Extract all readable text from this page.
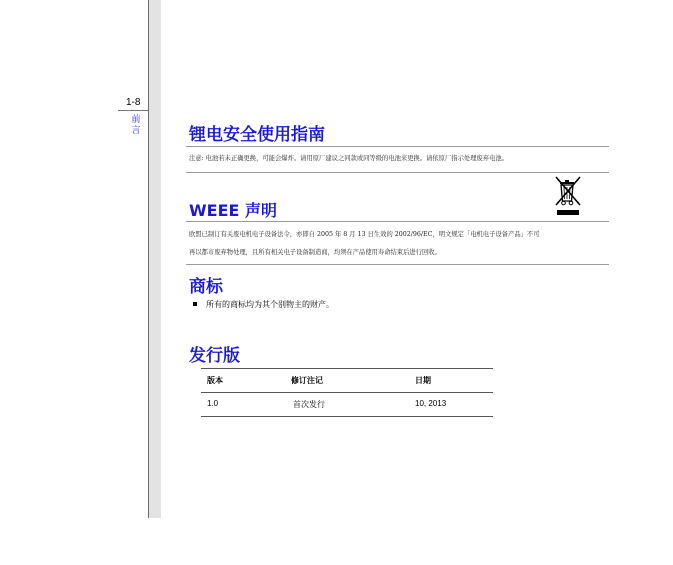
1-8
前言	锂电安全使用指南
注意: 电池若未正确更换，可能会爆炸。请用原厂建议之同款或同等级的电池来更换。请依原厂指示处理废弃电池。
WEEE 声明
欧盟已制订有关废电机电子设备法令，亦即自 2005 年 8 月 13 日生效的 2002/96/EC，明文规定「电机电子设备产品」不可
再以都市废弃物处理，且所有相关电子设备制造商，均须在产品使用寿命结束后进行回收。
商标
所有的商标均为其个别物主的财产。
发行版
版本	修订注记	日期
1.0	首次发行	10, 2013
